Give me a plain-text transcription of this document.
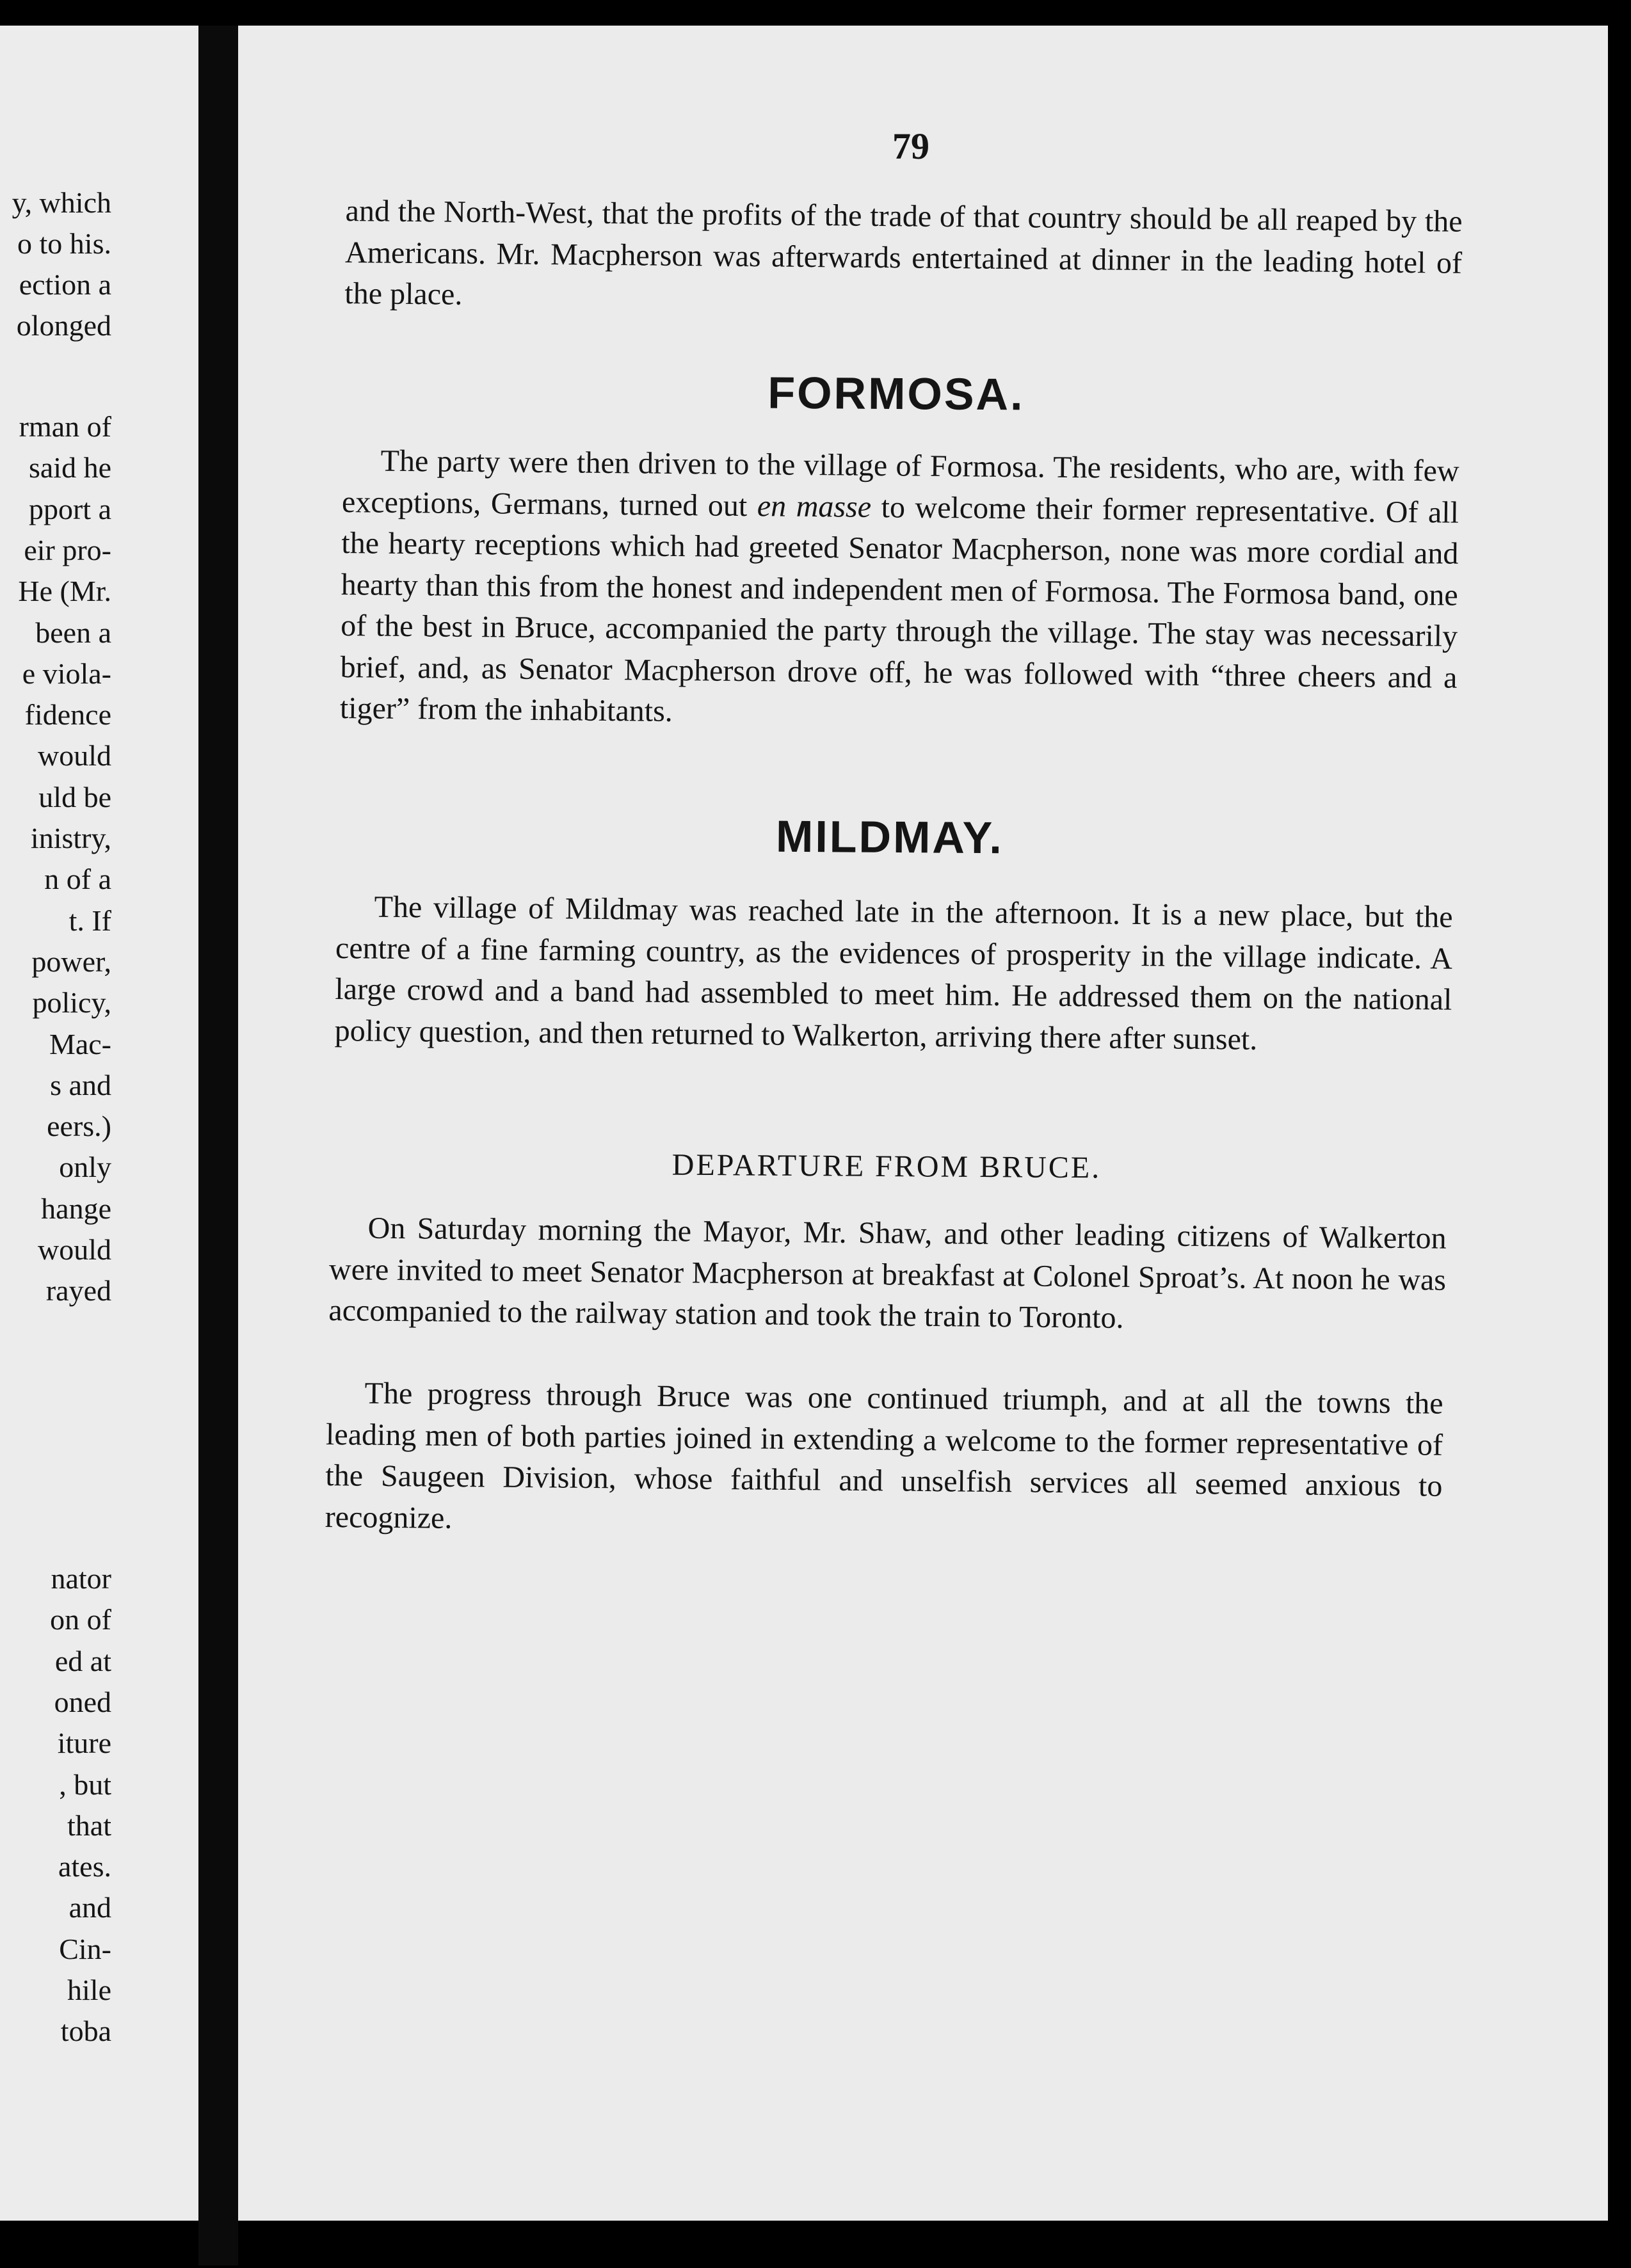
y, which
o to his.
ection a
olonged
rman of
said he
pport a
eir pro-
He (Mr.
been a
e viola-
fidence
would
uld be
inistry,
n of a
t. If
power,
policy,
Mac-
s and
eers.)
only
hange
would
rayed
nator
on of
ed at
oned
iture
, but
that
ates.
and
Cin-
hile
toba
79

and the North-West, that the profits of the trade of that country should be all reaped by the Americans. Mr. Macpherson was afterwards entertained at dinner in the leading hotel of the place.

FORMOSA.

The party were then driven to the village of Formosa. The residents, who are, with few exceptions, Germans, turned out en masse to welcome their former representative. Of all the hearty receptions which had greeted Senator Macpherson, none was more cordial and hearty than this from the honest and independent men of Formosa. The Formosa band, one of the best in Bruce, accompanied the party through the village. The stay was necessarily brief, and, as Senator Macpherson drove off, he was followed with “three cheers and a tiger” from the inhabitants.

MILDMAY.

The village of Mildmay was reached late in the afternoon. It is a new place, but the centre of a fine farming country, as the evidences of prosperity in the village indicate. A large crowd and a band had assembled to meet him. He addressed them on the national policy question, and then returned to Walkerton, arriving there after sunset.

DEPARTURE FROM BRUCE.

On Saturday morning the Mayor, Mr. Shaw, and other leading citizens of Walkerton were invited to meet Senator Macpherson at breakfast at Colonel Sproat’s. At noon he was accompanied to the railway station and took the train to Toronto.

The progress through Bruce was one continued triumph, and at all the towns the leading men of both parties joined in extending a welcome to the former representative of the Saugeen Division, whose faithful and unselfish services all seemed anxious to recognize.
